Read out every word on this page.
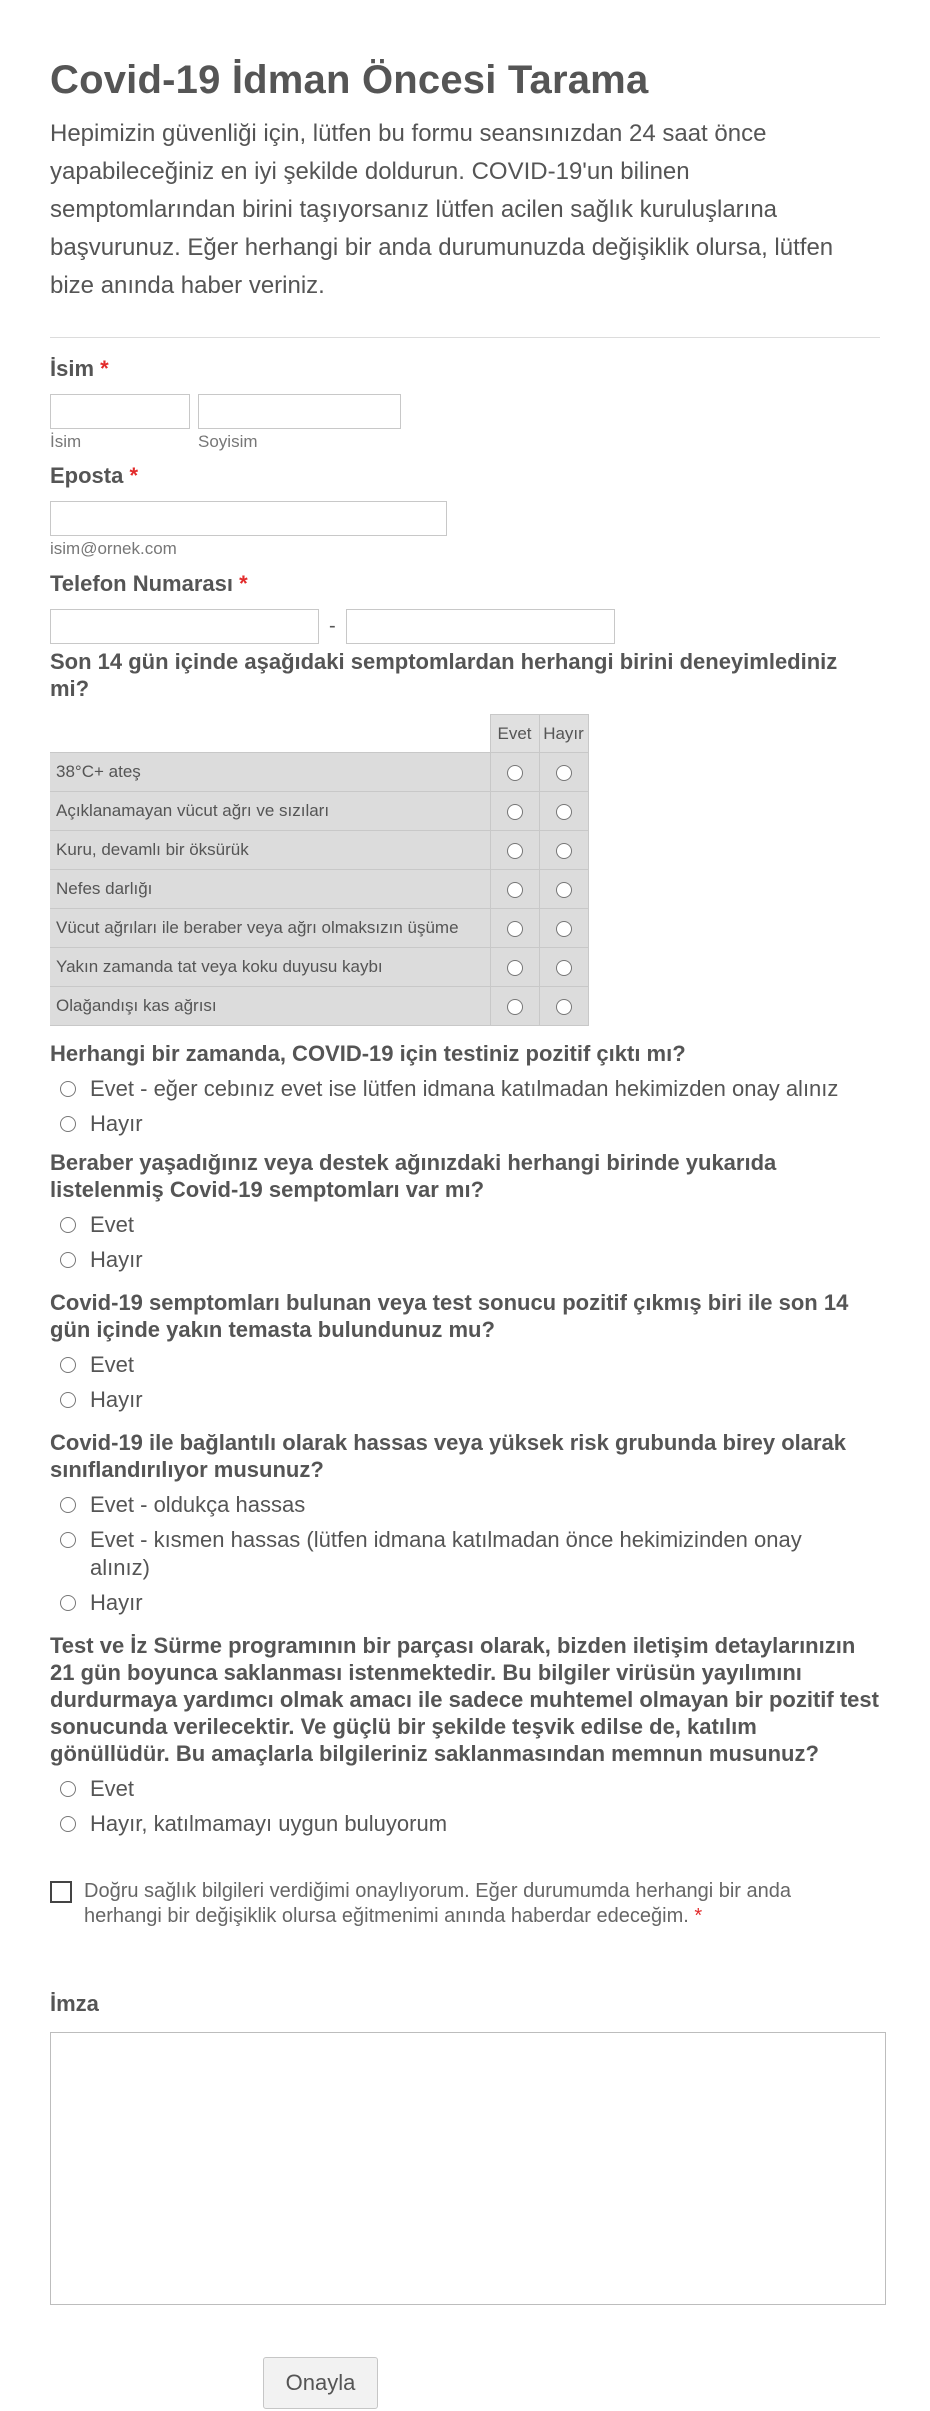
Covid-19 İdman Öncesi Tarama

Hepimizin güvenliği için, lütfen bu formu seansınızdan 24 saat önce yapabileceğiniz en iyi şekilde doldurun. COVID-19'un bilinen semptomlarından birini taşıyorsanız lütfen acilen sağlık kuruluşlarına başvurunuz. Eğer herhangi bir anda durumunuzda değişiklik olursa, lütfen bize anında haber veriniz.

İsim *
İsim	Soyisim
Eposta *
isim@ornek.com
Telefon Numarası *
-
Son 14 gün içinde aşağıdaki semptomlardan herhangi birini deneyimlediniz mi?
	Evet	Hayır
38°C+ ateş		
Açıklanamayan vücut ağrı ve sızıları		
Kuru, devamlı bir öksürük		
Nefes darlığı		
Vücut ağrıları ile beraber veya ağrı olmaksızın üşüme		
Yakın zamanda tat veya koku duyusu kaybı		
Olağandışı kas ağrısı		
Herhangi bir zamanda, COVID-19 için testiniz pozitif çıktı mı?
Evet - eğer cebınız evet ise lütfen idmana katılmadan hekimizden onay alınız
Hayır
Beraber yaşadığınız veya destek ağınızdaki herhangi birinde yukarıda listelenmiş Covid-19 semptomları var mı?
Evet
Hayır
Covid-19 semptomları bulunan veya test sonucu pozitif çıkmış biri ile son 14 gün içinde yakın temasta bulundunuz mu?
Evet
Hayır
Covid-19 ile bağlantılı olarak hassas veya yüksek risk grubunda birey olarak sınıflandırılıyor musunuz?
Evet - oldukça hassas
Evet - kısmen hassas (lütfen idmana katılmadan önce hekimizinden onay alınız)
Hayır
Test ve İz Sürme programının bir parçası olarak, bizden iletişim detaylarınızın 21 gün boyunca saklanması istenmektedir. Bu bilgiler virüsün yayılımını durdurmaya yardımcı olmak amacı ile sadece muhtemel olmayan bir pozitif test sonucunda verilecektir. Ve güçlü bir şekilde teşvik edilse de, katılım gönüllüdür. Bu amaçlarla bilgileriniz saklanmasından memnun musunuz?
Evet
Hayır, katılmamayı uygun buluyorum
Doğru sağlık bilgileri verdiğimi onaylıyorum. Eğer durumumda herhangi bir anda herhangi bir değişiklik olursa eğitmenimi anında haberdar edeceğim. *
İmza
Onayla
